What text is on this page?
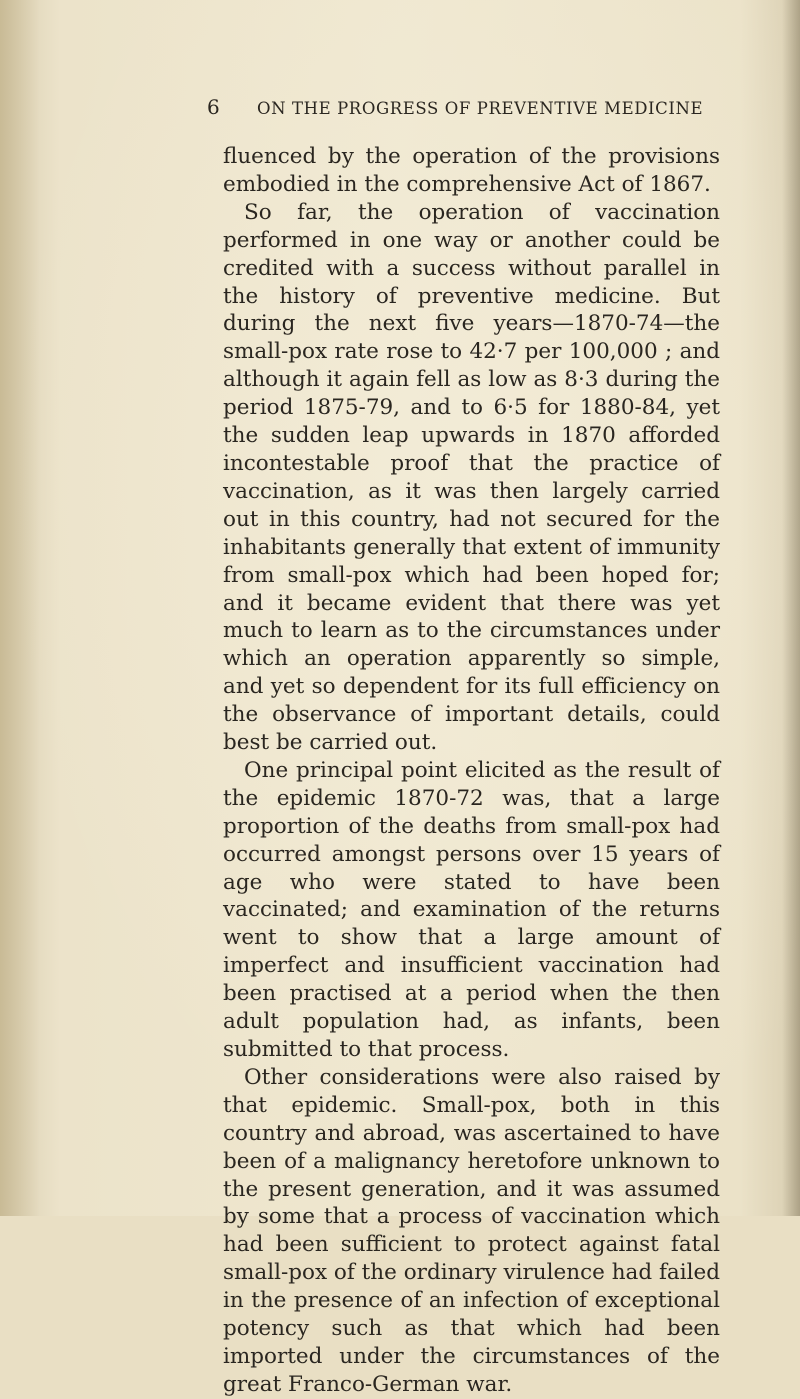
6 ON THE PROGRESS OF PREVENTIVE MEDICINE

fluenced by the operation of the provisions embodied in the comprehensive Act of 1867.

So far, the operation of vaccination performed in one way or another could be credited with a success without parallel in the history of preventive medicine. But during the next five years—1870-74—the small-pox rate rose to 42·7 per 100,000 ; and although it again fell as low as 8·3 during the period 1875-79, and to 6·5 for 1880-84, yet the sudden leap upwards in 1870 afforded incontestable proof that the practice of vaccination, as it was then largely carried out in this country, had not secured for the inhabitants generally that extent of immunity from small-pox which had been hoped for; and it became evident that there was yet much to learn as to the circumstances under which an operation apparently so simple, and yet so dependent for its full efficiency on the observance of important details, could best be carried out.

One principal point elicited as the result of the epidemic 1870-72 was, that a large proportion of the deaths from small-pox had occurred amongst persons over 15 years of age who were stated to have been vaccinated; and examination of the returns went to show that a large amount of imperfect and insufficient vaccination had been practised at a period when the then adult population had, as infants, been submitted to that process.

Other considerations were also raised by that epidemic. Small-pox, both in this country and abroad, was ascertained to have been of a malignancy heretofore unknown to the present generation, and it was assumed by some that a process of vaccination which had been sufficient to protect against fatal small-pox of the ordinary virulence had failed in the presence of an infection of exceptional potency such as that which had been imported under the circumstances of the great Franco-German war.
